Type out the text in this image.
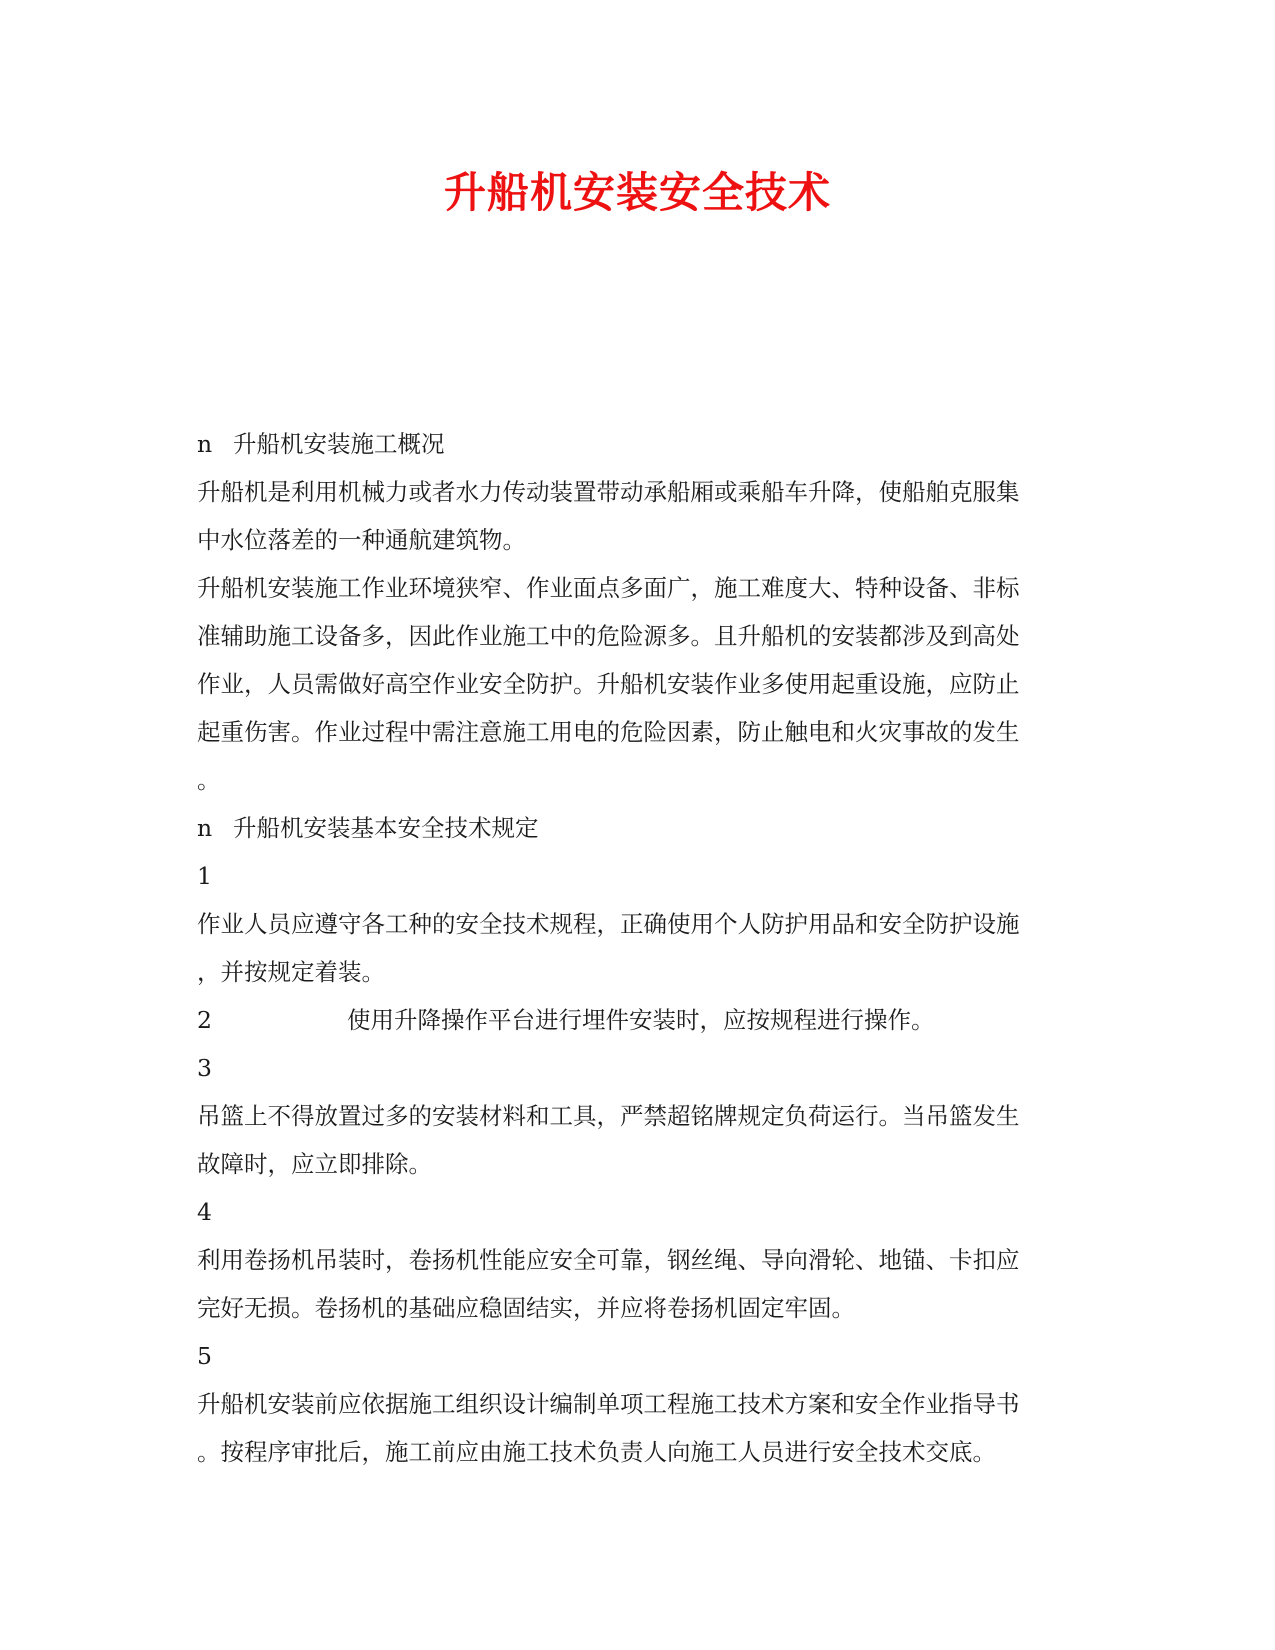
升船机安装安全技术
n 升船机安装施工概况
升船机是利用机械力或者水力传动装置带动承船厢或乘船车升降，使船舶克服集
中水位落差的一种通航建筑物。
升船机安装施工作业环境狭窄、作业面点多面广，施工难度大、特种设备、非标
准辅助施工设备多，因此作业施工中的危险源多。且升船机的安装都涉及到高处
作业，人员需做好高空作业安全防护。升船机安装作业多使用起重设施，应防止
起重伤害。作业过程中需注意施工用电的危险因素，防止触电和火灾事故的发生
。
n 升船机安装基本安全技术规定
1
作业人员应遵守各工种的安全技术规程，正确使用个人防护用品和安全防护设施
，并按规定着装。
2	使用升降操作平台进行埋件安装时，应按规程进行操作。
3
吊篮上不得放置过多的安装材料和工具，严禁超铭牌规定负荷运行。当吊篮发生
故障时，应立即排除。
4
利用卷扬机吊装时，卷扬机性能应安全可靠，钢丝绳、导向滑轮、地锚、卡扣应
完好无损。卷扬机的基础应稳固结实，并应将卷扬机固定牢固。
5
升船机安装前应依据施工组织设计编制单项工程施工技术方案和安全作业指导书
。按程序审批后，施工前应由施工技术负责人向施工人员进行安全技术交底。
